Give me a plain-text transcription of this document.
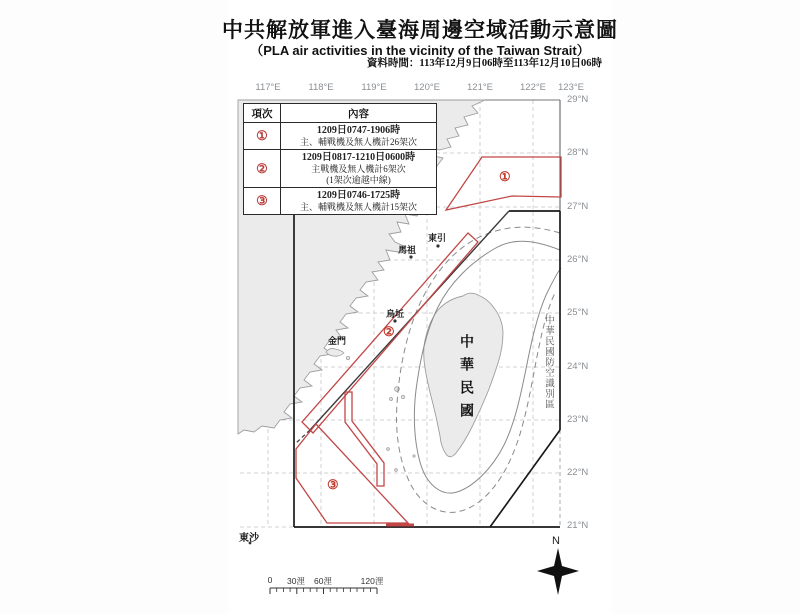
中共解放軍進入臺海周邊空域活動示意圖
（PLA air activities in the vicinity of the Taiwan Strait）
資料時間：113年12月9日06時至113年12月10日06時
項次	內容
①	1209日0747-1906時
主、輔戰機及無人機計26架次

②	1209日0817-1210日0600時
主戰機及無人機計6架次
(1架次逾越中線)

③	1209日0746-1725時
主、輔戰機及無人機計15架次
117°E	118°E	119°E	120°E	121°E	122°E	123°E
29°N
28°N
27°N
26°N
25°N
24°N
23°N
22°N
21°N
馬祖
東引
烏坵
金門
東沙
中華民國	中華民國防空識別區
①
②
③
0	30浬	60浬	120浬
N
